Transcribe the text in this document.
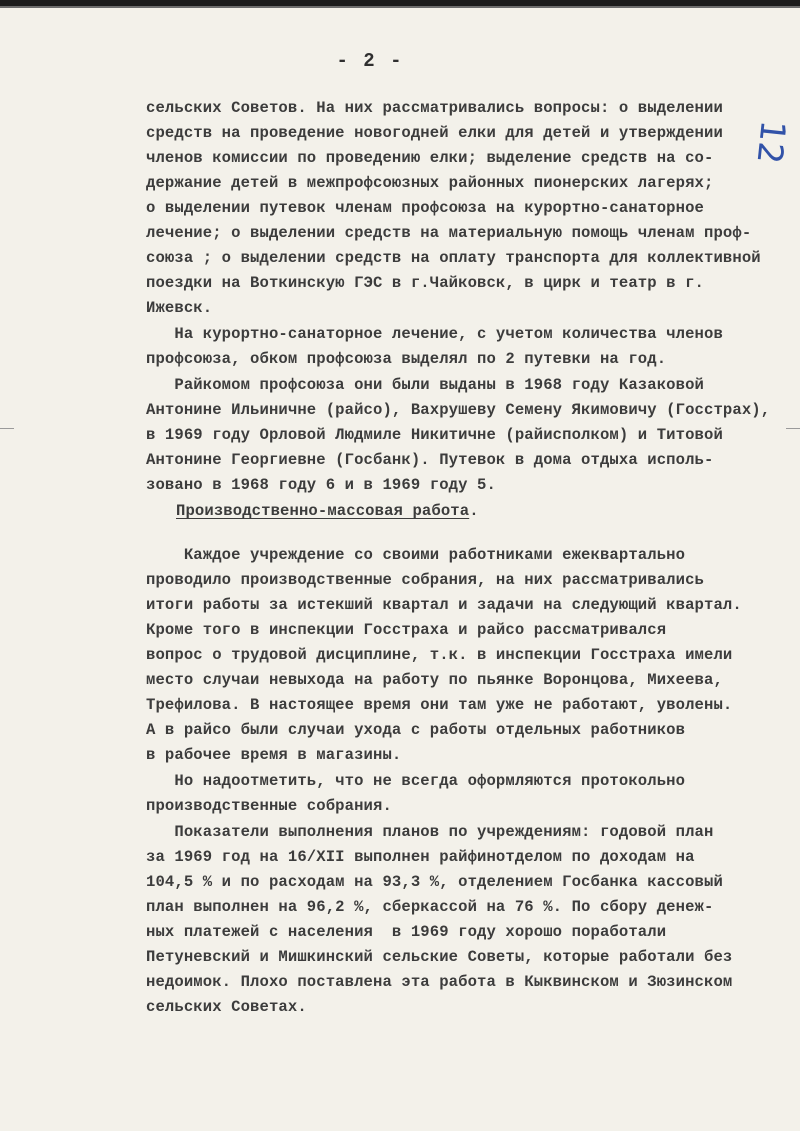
- 2 -
12
сельских Советов. На них рассматривались вопросы: о выделении
средств на проведение новогодней елки для детей и утверждении
членов комиссии по проведению елки; выделение средств на со-
держание детей в межпрофсоюзных районных пионерских лагерях;
о выделении путевок членам профсоюза на курортно-санаторное
лечение; о выделении средств на материальную помощь членам проф-
союза ; о выделении средств на оплату транспорта для коллективной
поездки на Воткинскую ГЭС в г.Чайковск, в цирк и театр в г.
Ижевск.
На курортно-санаторное лечение, с учетом количества членов
профсоюза, обком профсоюза выделял по 2 путевки на год.
Райкомом профсоюза они были выданы в 1968 году Казаковой
Антонине Ильиничне (райсо), Вахрушеву Семену Якимовичу (Госстрах),
в 1969 году Орловой Людмиле Никитичне (райисполком) и Титовой
Антонине Георгиевне (Госбанк). Путевок в дома отдыха исполь-
зовано в 1968 году 6 и в 1969 году 5.
Производственно-массовая работа.
Каждое учреждение со своими работниками ежеквартально
проводило производственные собрания, на них рассматривались
итоги работы за истекший квартал и задачи на следующий квартал.
Кроме того в инспекции Госстраха и райсо рассматривался
вопрос о трудовой дисциплине, т.к. в инспекции Госстраха имели
место случаи невыхода на работу по пьянке Воронцова, Михеева,
Трефилова. В настоящее время они там уже не работают, уволены.
А в райсо были случаи ухода с работы отдельных работников
в рабочее время в магазины.
Но надоотметить, что не всегда оформляются протокольно
производственные собрания.
Показатели выполнения планов по учреждениям: годовой план
за 1969 год на 16/XII выполнен райфинотделом по доходам на
104,5 % и по расходам на 93,3 %, отделением Госбанка кассовый
план выполнен на 96,2 %, сберкассой на 76 %. По сбору денеж-
ных платежей с населения  в 1969 году хорошо поработали
Петуневский и Мишкинский сельские Советы, которые работали без
недоимок. Плохо поставлена эта работа в Кыквинском и Зюзинском
сельских Советах.
